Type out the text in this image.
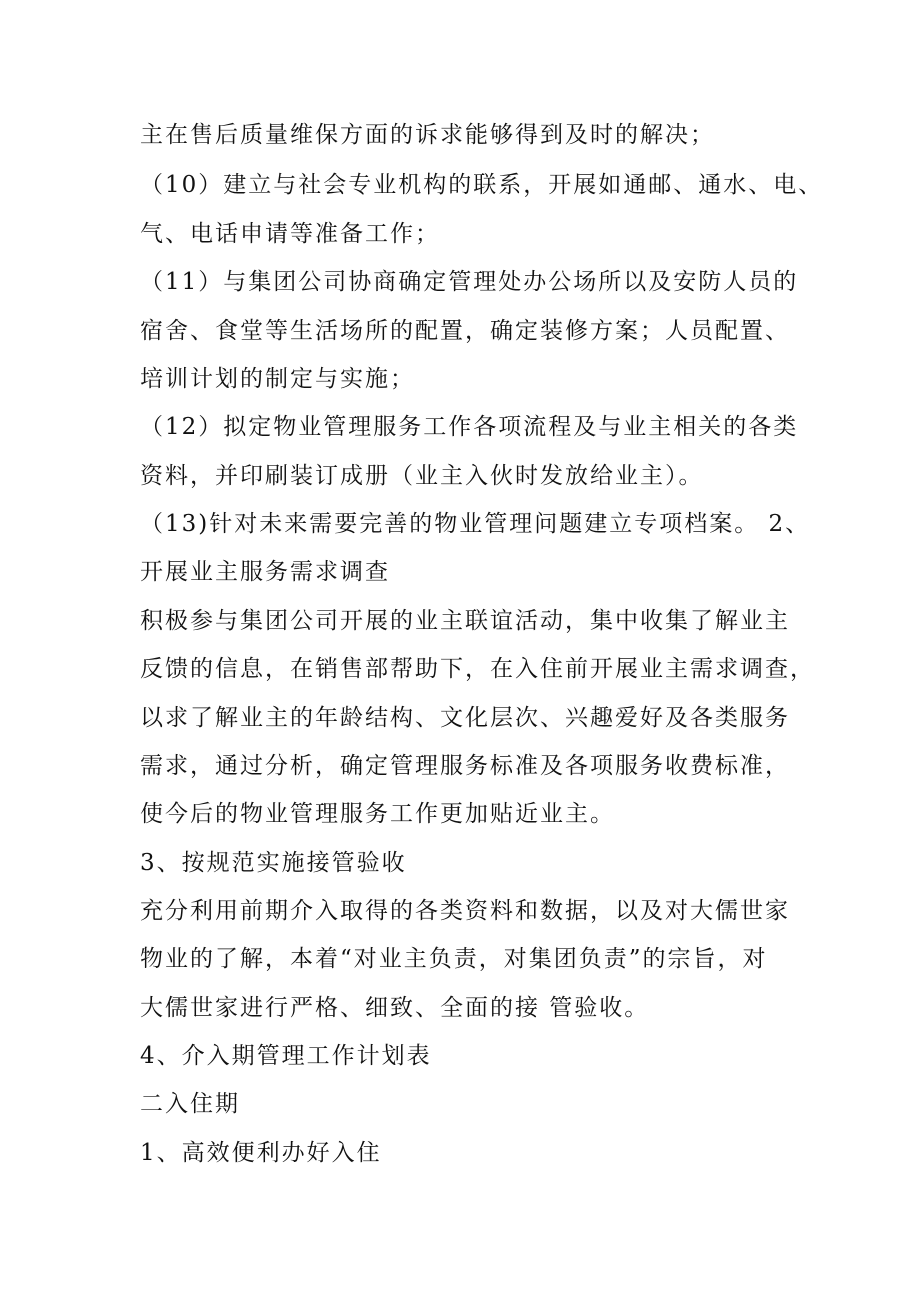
主在售后质量维保方面的诉求能够得到及时的解决；
（10）建立与社会专业机构的联系，开展如通邮、通水、电、
气、电话申请等准备工作；
（11）与集团公司协商确定管理处办公场所以及安防人员的
宿舍、食堂等生活场所的配置，确定装修方案；人员配置、
培训计划的制定与实施；
（12）拟定物业管理服务工作各项流程及与业主相关的各类
资料，并印刷装订成册（业主入伙时发放给业主）。
（13)针对未来需要完善的物业管理问题建立专项档案。 2、
开展业主服务需求调查
积极参与集团公司开展的业主联谊活动，集中收集了解业主
反馈的信息，在销售部帮助下，在入住前开展业主需求调查，
以求了解业主的年龄结构、文化层次、兴趣爱好及各类服务
需求，通过分析，确定管理服务标准及各项服务收费标准，
使今后的物业管理服务工作更加贴近业主。
3、按规范实施接管验收
充分利用前期介入取得的各类资料和数据，以及对大儒世家
物业的了解，本着“对业主负责，对集团负责”的宗旨，对
大儒世家进行严格、细致、全面的接 管验收。
4、介入期管理工作计划表
二入住期
1、高效便利办好入住
